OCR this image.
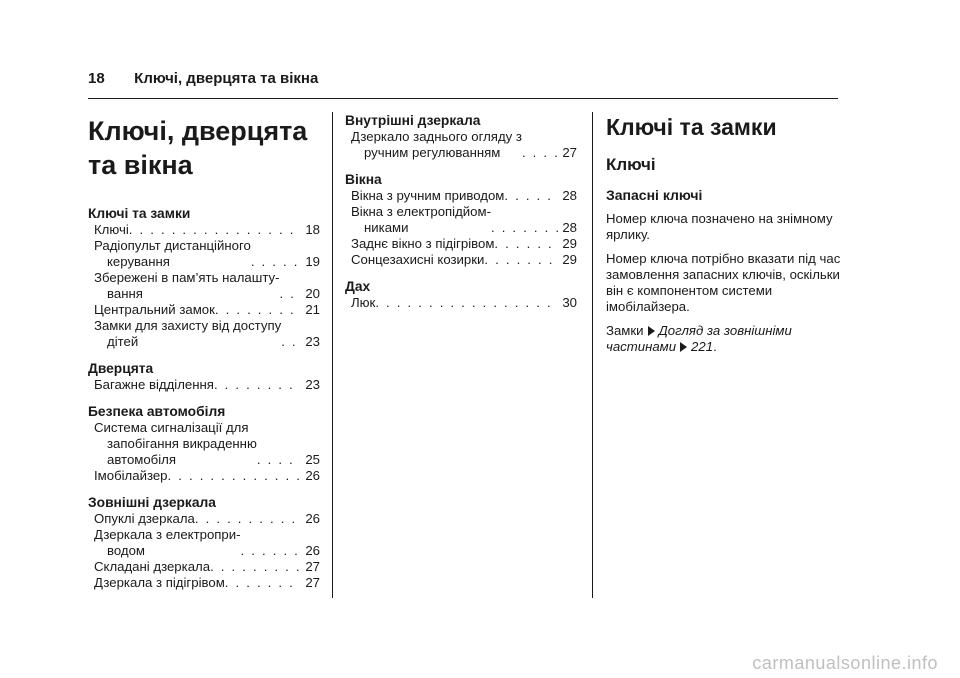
18 Ключі, дверцята та вікна
Ключі, дверцята
та вікна
Ключі та замки
Ключі . . .	18
Радіопульт дистанційного
керування . . .	19
Збережені в пам’ять налашту-
вання . . .	20
Центральний замок . . .	21
Замки для захисту від доступу
дітей . . .	23
Дверцята
Багажне відділення . . .	23
Безпека автомобіля
Система сигналізації для
запобігання викраденню
автомобіля . . .	25
Імобілайзер . . .	26
Зовнішні дзеркала
Опуклі дзеркала . . .	26
Дзеркала з електропри-
водом . . .	26
Складані дзеркала . . .	27
Дзеркала з підігрівом . . .	27
Внутрішні дзеркала
Дзеркало заднього огляду з
ручним регулюванням . . .	27
Вікна
Вікна з ручним приводом . . .	28
Вікна з електропідйом-
никами . . .	28
Заднє вікно з підігрівом . . .	29
Сонцезахисні козирки . . .	29
Дах
Люк . . .	30
Ключі та замки
Ключі
Запасні ключі
Номер ключа позначено на знімному ярлику.
Номер ключа потрібно вказати під час замовлення запасних ключів, оскільки він є компонентом системи імобілайзера.
Замки Догляд за зовнішніми частинами 221.
carmanualsonline.info
